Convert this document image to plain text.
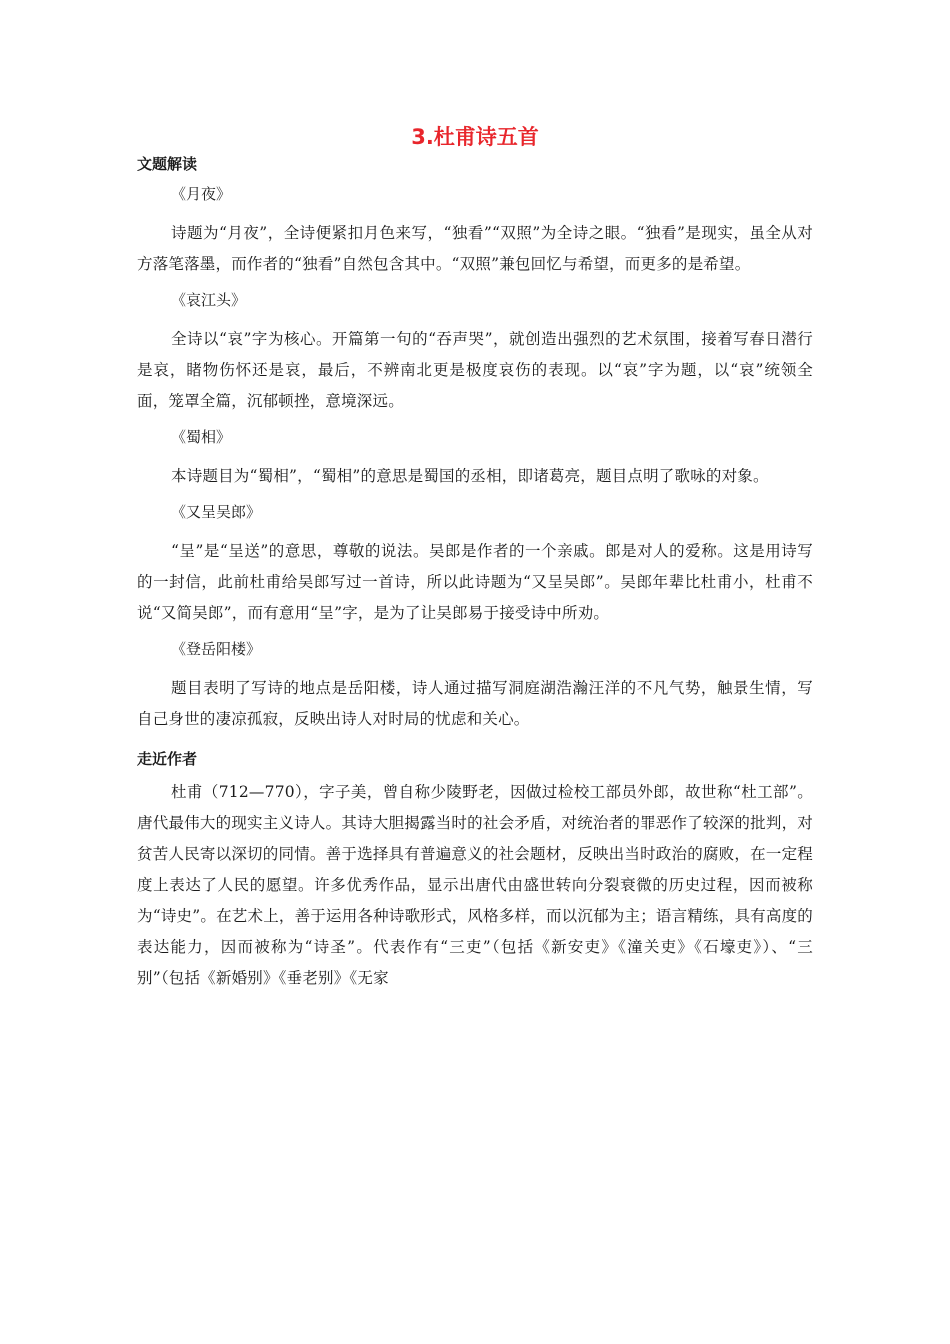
3.杜甫诗五首
文题解读
《月夜》

诗题为“月夜”，全诗便紧扣月色来写，“独看”“双照”为全诗之眼。“独看”是现实，虽全从对方落笔落墨，而作者的“独看”自然包含其中。“双照”兼包回忆与希望，而更多的是希望。

《哀江头》

全诗以“哀”字为核心。开篇第一句的“吞声哭”，就创造出强烈的艺术氛围，接着写春日潜行是哀，睹物伤怀还是哀，最后，不辨南北更是极度哀伤的表现。以“哀”字为题，以“哀”统领全面，笼罩全篇，沉郁顿挫，意境深远。

《蜀相》

本诗题目为“蜀相”，“蜀相”的意思是蜀国的丞相，即诸葛亮，题目点明了歌咏的对象。

《又呈吴郎》

“呈”是“呈送”的意思，尊敬的说法。吴郎是作者的一个亲戚。郎是对人的爱称。这是用诗写的一封信，此前杜甫给吴郎写过一首诗，所以此诗题为“又呈吴郎”。吴郎年辈比杜甫小，杜甫不说“又简吴郎”，而有意用“呈”字，是为了让吴郎易于接受诗中所劝。

《登岳阳楼》

题目表明了写诗的地点是岳阳楼，诗人通过描写洞庭湖浩瀚汪洋的不凡气势，触景生情，写自己身世的凄凉孤寂，反映出诗人对时局的忧虑和关心。

走近作者

杜甫（712—770），字子美，曾自称少陵野老，因做过检校工部员外郎，故世称“杜工部”。唐代最伟大的现实主义诗人。其诗大胆揭露当时的社会矛盾，对统治者的罪恶作了较深的批判，对贫苦人民寄以深切的同情。善于选择具有普遍意义的社会题材，反映出当时政治的腐败，在一定程度上表达了人民的愿望。许多优秀作品，显示出唐代由盛世转向分裂衰微的历史过程，因而被称为“诗史”。在艺术上，善于运用各种诗歌形式，风格多样，而以沉郁为主；语言精练，具有高度的表达能力，因而被称为“诗圣”。代表作有“三吏”（包括《新安吏》《潼关吏》《石壕吏》）、“三别”（包括《新婚别》《垂老别》《无家
